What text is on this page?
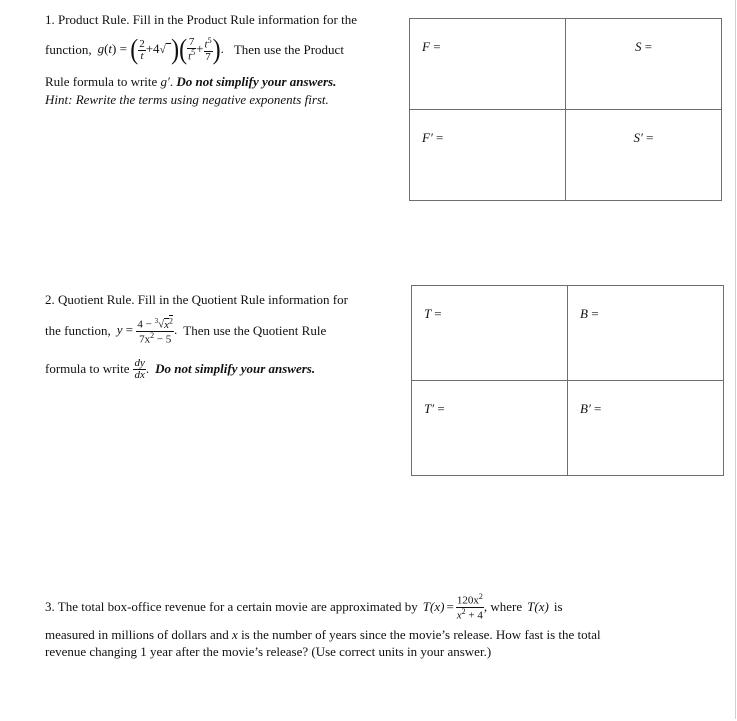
1. Product Rule. Fill in the Product Rule information for the
function, g(t) = ( $\frac{2}{t} +4√$ )( $\frac{7}{t^5} + \frac{t^5}{7}$ ). Then use the Product
Rule formula to write g′. Do not simplify your answers.
Hint: Rewrite the terms using negative exponents first.
F =	S =

F′ =	S′ =
2. Quotient Rule. Fill in the Quotient Rule information for
the function, $y = \frac{4 - ^3√x^2}{7x^2 - 5}$ . Then use the Quotient Rule
formula to write $\frac{dy}{dx}$ . Do not simplify your answers.
T =	B =

T′ =	B′ =
3. The total box-office revenue for a certain movie are approximated by $T(x) = \frac{120x^2}{x^2 + 4}$ , where T(x) is
measured in millions of dollars and x is the number of years since the movie’s release. How fast is the total
revenue changing 1 year after the movie’s release? (Use correct units in your answer.)
